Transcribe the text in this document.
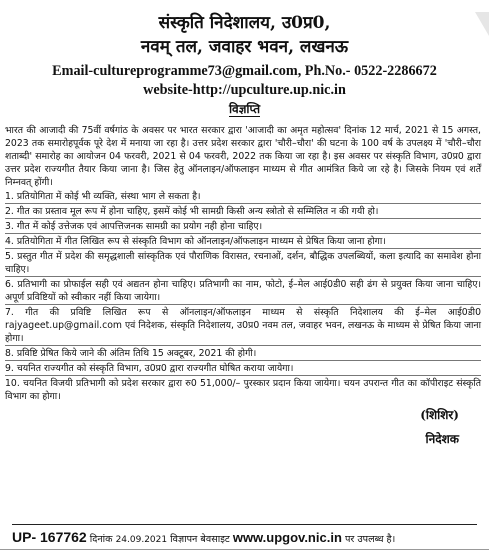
संस्कृति निदेशालय, उ0प्र0,
नवम् तल, जवाहर भवन, लखनऊ
Email-cultureprogramme73@gmail.com, Ph.No.- 0522-2286672
website-http://upculture.up.nic.in
विज्ञप्ति

भारत की आजादी की 75वीं वर्षगांठ के अवसर पर भारत सरकार द्वारा 'आजादी का अमृत महोत्सव' दिनांक 12 मार्च, 2021 से 15 अगस्त, 2023 तक समारोहपूर्वक पूरे देश में मनाया जा रहा है। उत्तर प्रदेश सरकार द्वारा 'चौरी–चौरा' की घटना के 100 वर्ष के उपलक्ष्य में 'चौरी–चौरा शताब्दी' समारोह का आयोजन 04 फरवरी, 2021 से 04 फरवरी, 2022 तक किया जा रहा है। इस अवसर पर संस्कृति विभाग, उ0प्र0 द्वारा उत्तर प्रदेश राज्यगीत तैयार किया जाना है। जिस हेतु ऑनलाइन/ऑफलाइन माध्यम से गीत आमंत्रित किये जा रहे है। जिसके नियम एवं शर्तें निम्नवत् होंगी।

1. प्रतियोगिता में कोई भी व्यक्ति, संस्था भाग ले सकता है।
2. गीत का प्रस्ताव मूल रूप में होना चाहिए, इसमें कोई भी सामग्री किसी अन्य स्त्रोतो से सम्मिलित न की गयी हो।
3. गीत में कोई उत्तेजक एवं आपत्तिजनक सामग्री का प्रयोग नही होना चाहिए।
4. प्रतियोगिता में गीत लिखित रूप से संस्कृति विभाग को ऑनलाइन/ऑफलाइन माध्यम से प्रेषित किया जाना होगा।
5. प्रस्तुत गीत में प्रदेश की समृद्धशाली सांस्कृतिक एवं पौराणिक विरासत, रचनाओं, दर्शन, बौद्धिक उपलब्धियों, कला इत्यादि का समावेश होना चाहिए।
6. प्रतिभागी का प्रोफाईल सही एवं अद्यतन होना चाहिए। प्रतिभागी का नाम, फोटो, ई–मेल आई0डी0 सही ढंग से प्रयुक्त किया जाना चाहिए। अपूर्ण प्रविष्टियों को स्वीकार नहीं किया जायेगा।
7. गीत की प्रविष्टि लिखित रूप से ऑनलाइन/ऑफलाइन माध्यम से संस्कृति निदेशालय की ई–मेल आई0डी0 rajyageet.up@gmail.com एवं निदेशक, संस्कृति निदेशालय, उ0प्र0 नवम तल, जवाहर भवन, लखनऊ के माध्यम से प्रेषित किया जाना होगा।
8. प्रविष्टि प्रेषित किये जाने की अंतिम तिथि 15 अक्टूबर, 2021 की होगी।
9. चयनित राज्यगीत को संस्कृति विभाग, उ0प्र0 द्वारा राज्यगीत घोषित कराया जायेगा।
10. चयनित विजयी प्रतिभागी को प्रदेश सरकार द्वारा रु0 51,000/– पुरस्कार प्रदान किया जायेगा। चयन उपरान्त गीत का कॉपीराइट संस्कृति विभाग का होगा।
(शिशिर)
निदेशक
UP- 167762 दिनांक 24.09.2021 विज्ञापन बेवसाइट www.upgov.nic.in पर उपलब्ध है।
